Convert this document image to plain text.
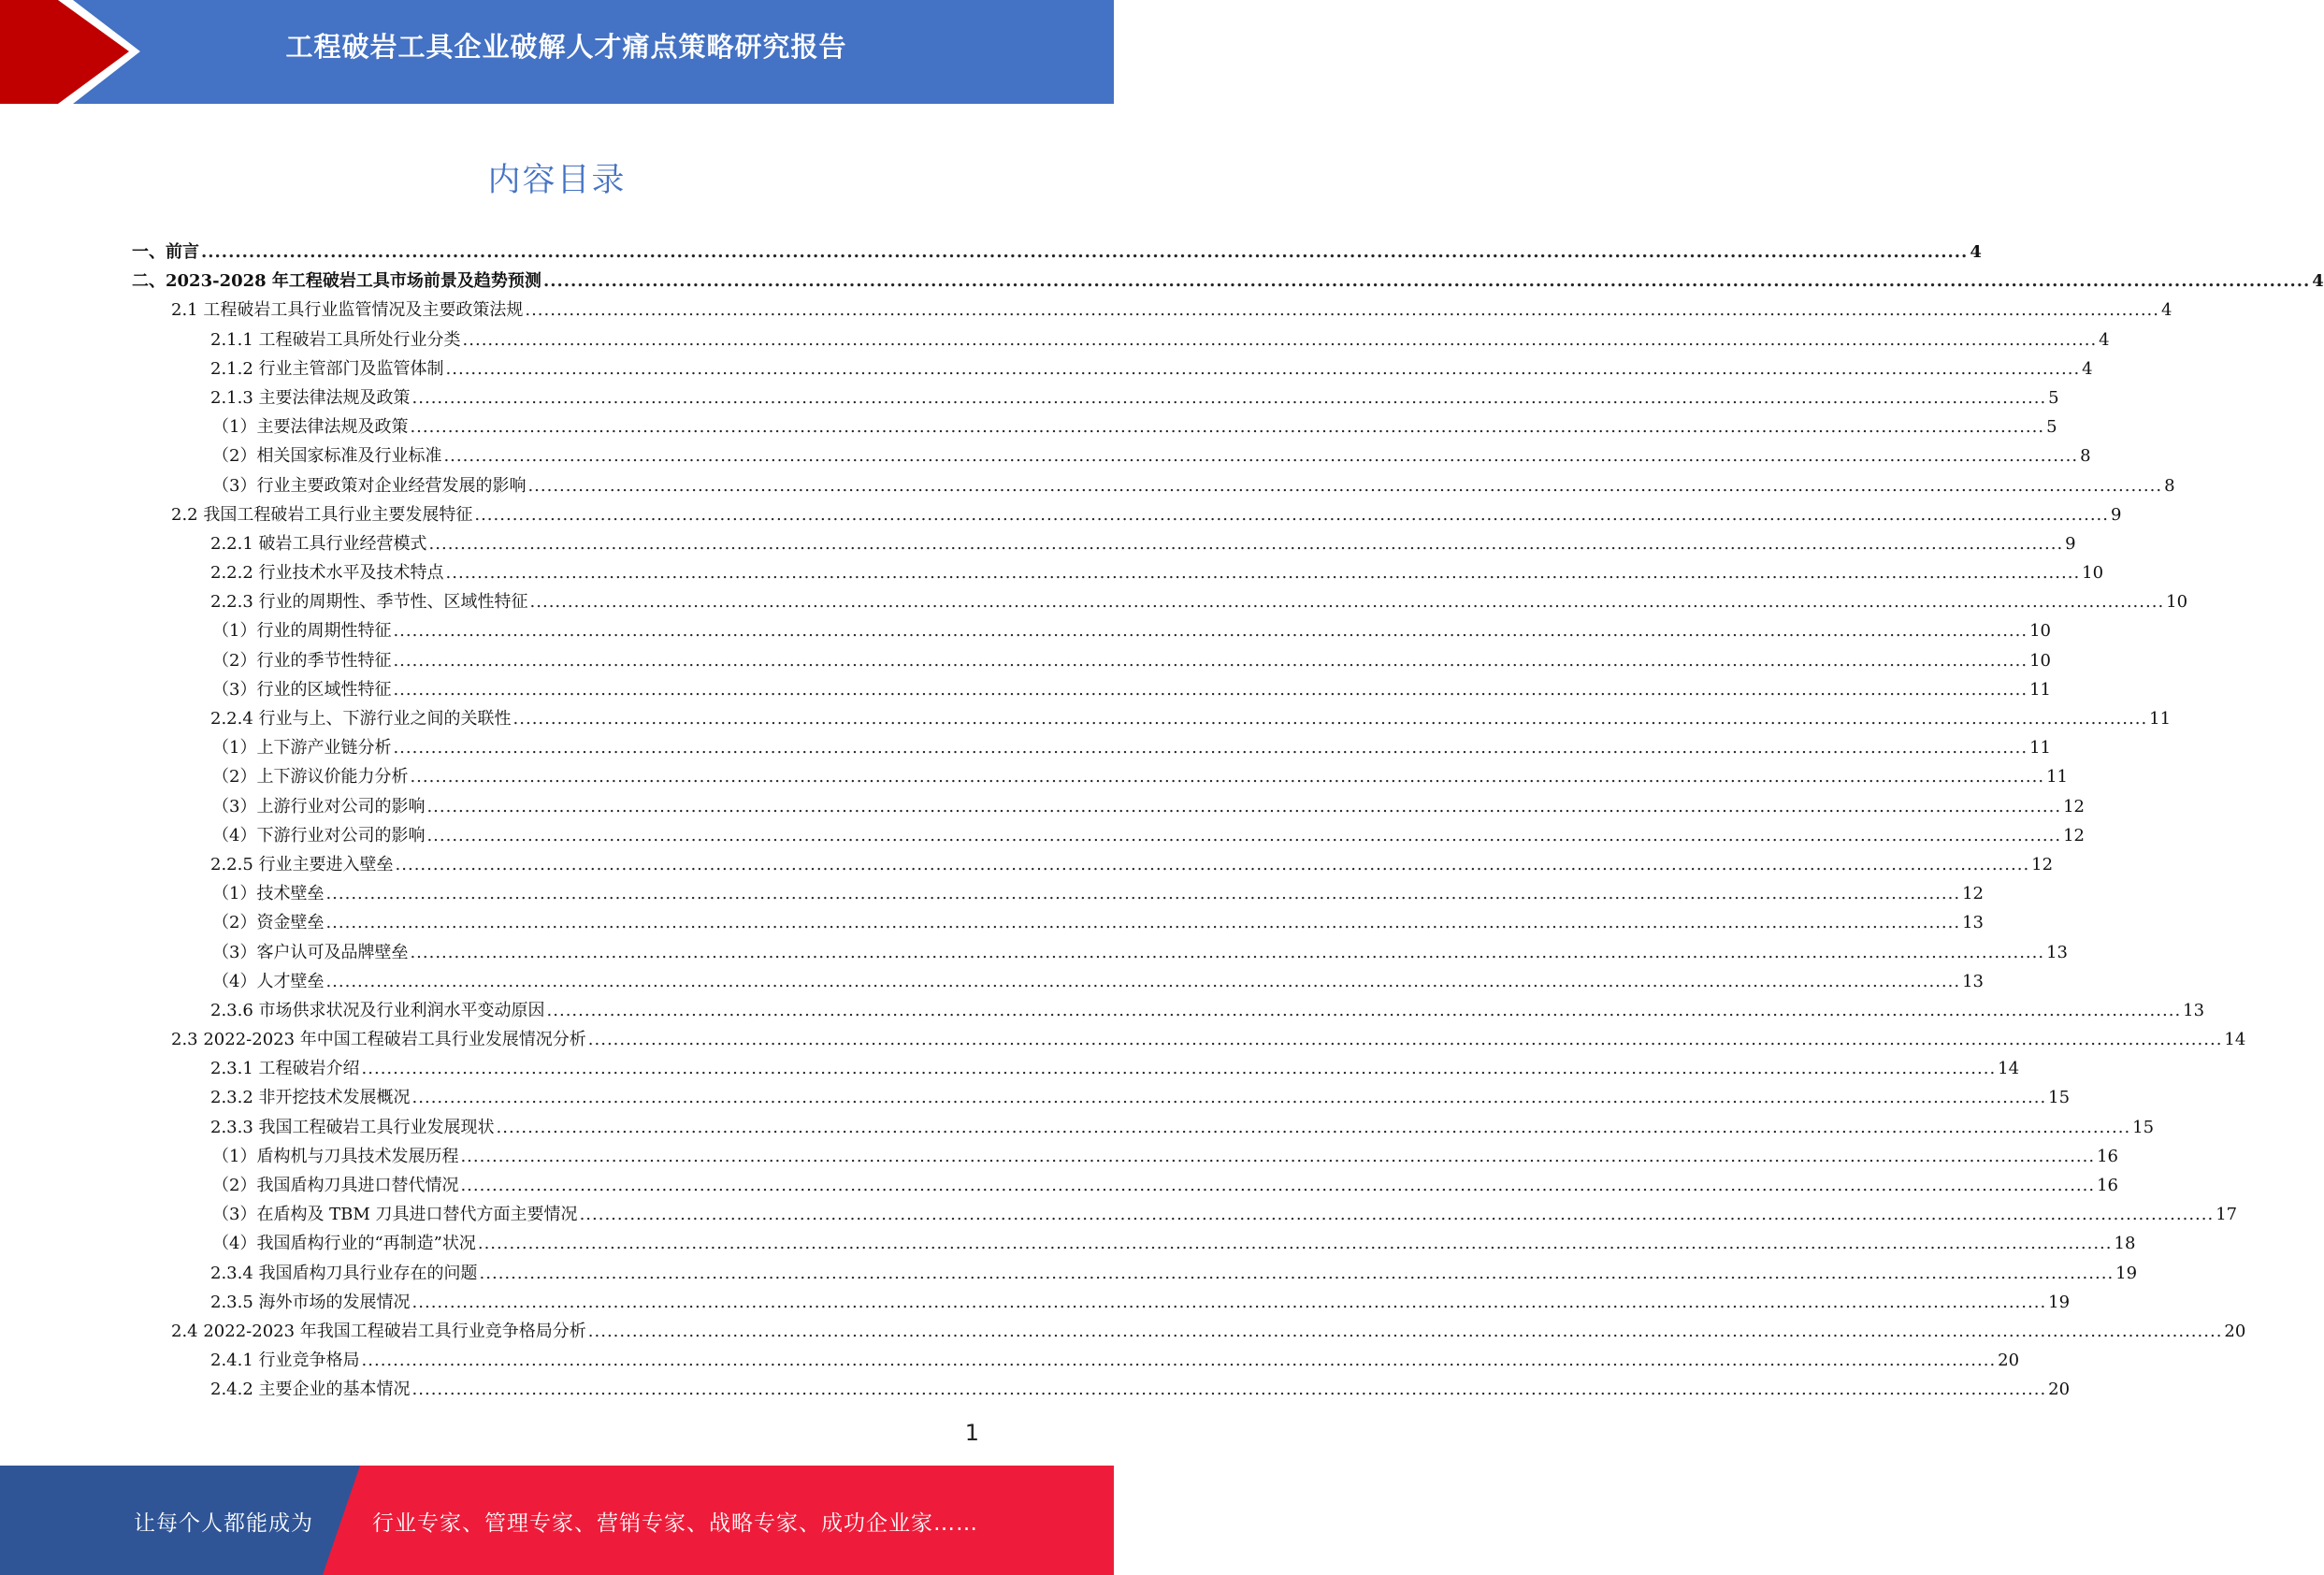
工程破岩工具企业破解人才痛点策略研究报告
内容目录
一、前言 .................................................................................................................................................................................................................................................................... 4
二、2023-2028 年工程破岩工具市场前景及趋势预测 .................................................................................................................................................................................................................................................................... 4
2.1 工程破岩工具行业监管情况及主要政策法规 .................................................................................................................................................................................................................................................................... 4
2.1.1 工程破岩工具所处行业分类 .................................................................................................................................................................................................................................................................... 4
2.1.2 行业主管部门及监管体制 .................................................................................................................................................................................................................................................................... 4
2.1.3 主要法律法规及政策 .................................................................................................................................................................................................................................................................... 5
（1）主要法律法规及政策 .................................................................................................................................................................................................................................................................... 5
（2）相关国家标准及行业标准 .................................................................................................................................................................................................................................................................... 8
（3）行业主要政策对企业经营发展的影响 .................................................................................................................................................................................................................................................................... 8
2.2 我国工程破岩工具行业主要发展特征 .................................................................................................................................................................................................................................................................... 9
2.2.1 破岩工具行业经营模式 .................................................................................................................................................................................................................................................................... 9
2.2.2 行业技术水平及技术特点 .................................................................................................................................................................................................................................................................... 10
2.2.3 行业的周期性、季节性、区域性特征 .................................................................................................................................................................................................................................................................... 10
（1）行业的周期性特征 .................................................................................................................................................................................................................................................................... 10
（2）行业的季节性特征 .................................................................................................................................................................................................................................................................... 10
（3）行业的区域性特征 .................................................................................................................................................................................................................................................................... 11
2.2.4 行业与上、下游行业之间的关联性 .................................................................................................................................................................................................................................................................... 11
（1）上下游产业链分析 .................................................................................................................................................................................................................................................................... 11
（2）上下游议价能力分析 .................................................................................................................................................................................................................................................................... 11
（3）上游行业对公司的影响 .................................................................................................................................................................................................................................................................... 12
（4）下游行业对公司的影响 .................................................................................................................................................................................................................................................................... 12
2.2.5 行业主要进入壁垒 .................................................................................................................................................................................................................................................................... 12
（1）技术壁垒 .................................................................................................................................................................................................................................................................... 12
（2）资金壁垒 .................................................................................................................................................................................................................................................................... 13
（3）客户认可及品牌壁垒 .................................................................................................................................................................................................................................................................... 13
（4）人才壁垒 .................................................................................................................................................................................................................................................................... 13
2.3.6 市场供求状况及行业利润水平变动原因 .................................................................................................................................................................................................................................................................... 13
2.3 2022-2023 年中国工程破岩工具行业发展情况分析 .................................................................................................................................................................................................................................................................... 14
2.3.1 工程破岩介绍 .................................................................................................................................................................................................................................................................... 14
2.3.2 非开挖技术发展概况 .................................................................................................................................................................................................................................................................... 15
2.3.3 我国工程破岩工具行业发展现状 .................................................................................................................................................................................................................................................................... 15
（1）盾构机与刀具技术发展历程 .................................................................................................................................................................................................................................................................... 16
（2）我国盾构刀具进口替代情况 .................................................................................................................................................................................................................................................................... 16
（3）在盾构及 TBM 刀具进口替代方面主要情况 .................................................................................................................................................................................................................................................................... 17
（4）我国盾构行业的“再制造”状况 .................................................................................................................................................................................................................................................................... 18
2.3.4 我国盾构刀具行业存在的问题 .................................................................................................................................................................................................................................................................... 19
2.3.5 海外市场的发展情况 .................................................................................................................................................................................................................................................................... 19
2.4 2022-2023 年我国工程破岩工具行业竞争格局分析 .................................................................................................................................................................................................................................................................... 20
2.4.1 行业竞争格局 .................................................................................................................................................................................................................................................................... 20
2.4.2 主要企业的基本情况 .................................................................................................................................................................................................................................................................... 20
1
让每个人都能成为	行业专家、管理专家、营销专家、战略专家、成功企业家……
